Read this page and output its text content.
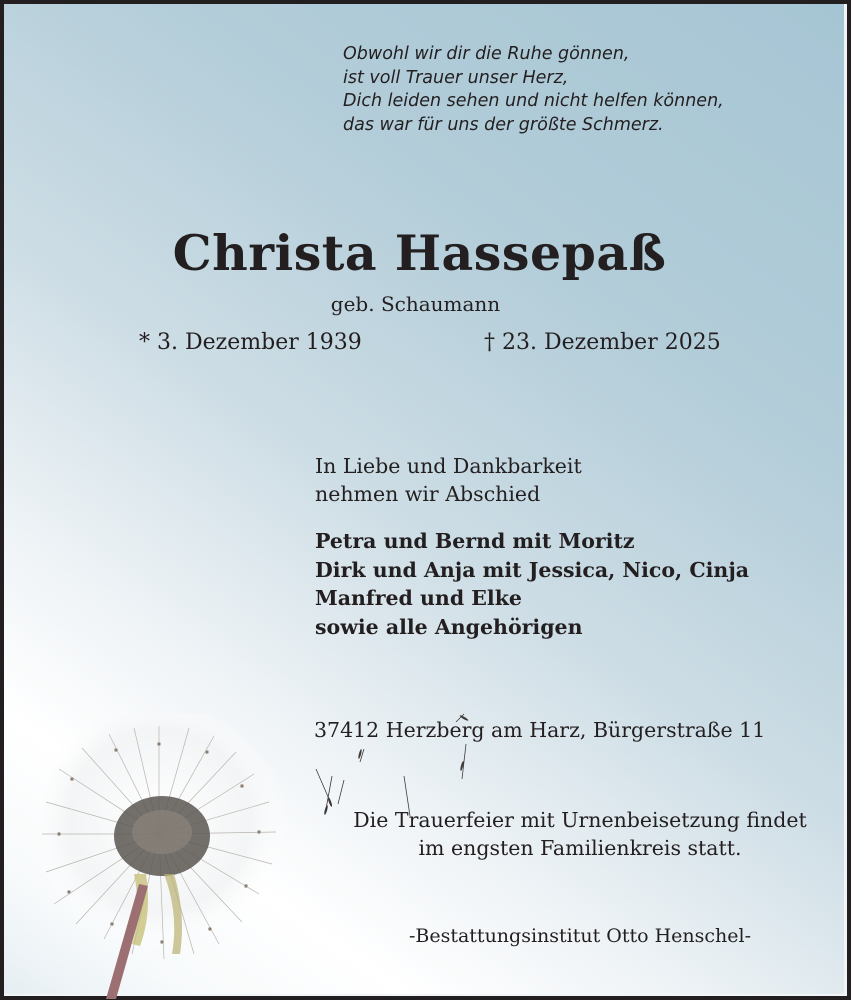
Obwohl wir dir die Ruhe gönnen,
ist voll Trauer unser Herz,
Dich leiden sehen und nicht helfen können,
das war für uns der größte Schmerz.
Christa Hassepaß
geb. Schaumann
* 3. Dezember 1939	† 23. Dezember 2025
In Liebe und Dankbarkeit
nehmen wir Abschied
Petra und Bernd mit Moritz
Dirk und Anja mit Jessica, Nico, Cinja
Manfred und Elke
sowie alle Angehörigen
37412 Herzberg am Harz, Bürgerstraße 11
Die Trauerfeier mit Urnenbeisetzung findet
im engsten Familienkreis statt.
-Bestattungsinstitut Otto Henschel-
